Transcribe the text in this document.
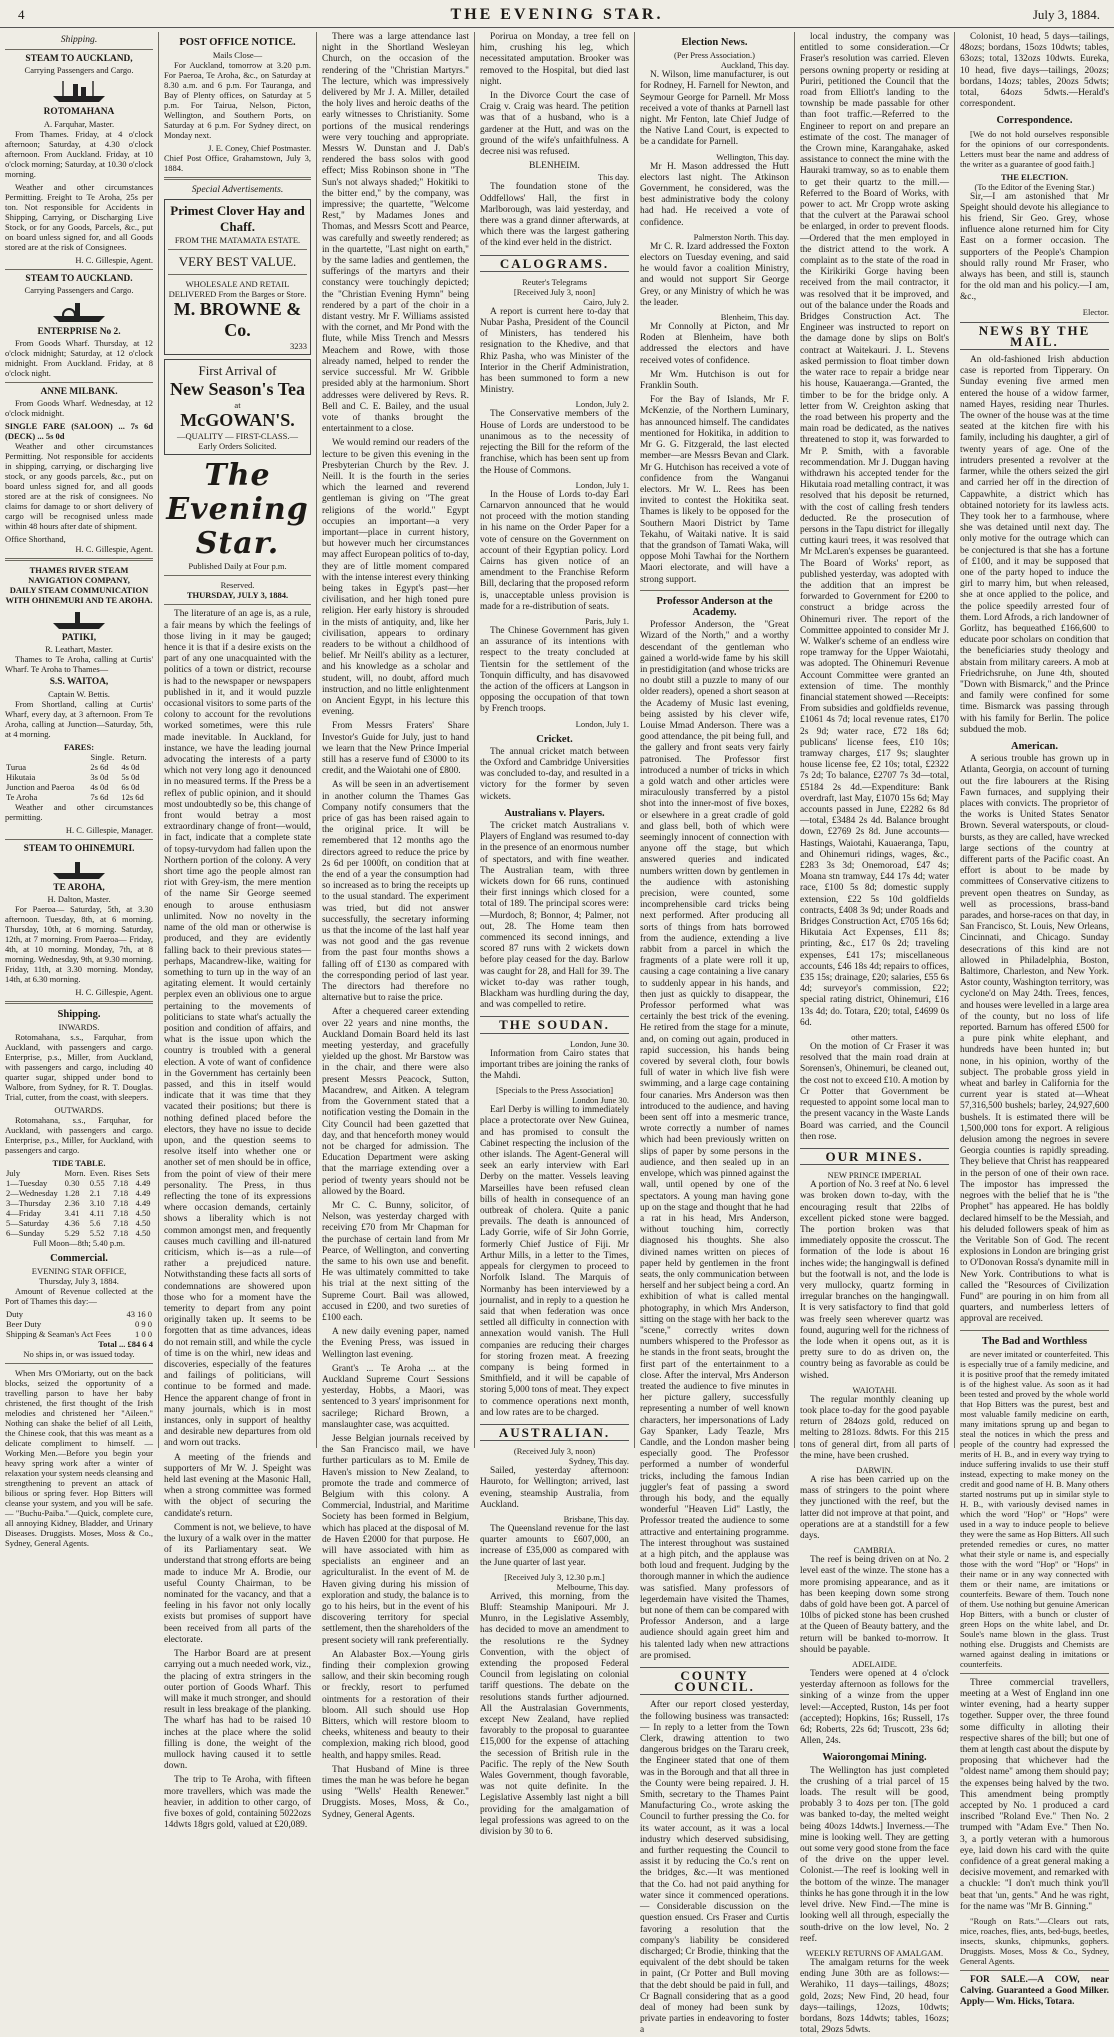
4	THE EVENING STAR.	July 3, 1884.
Shipping.
STEAM TO AUCKLAND,
Carrying Passengers and Cargo.
ROTOMAHANA
A. Farquhar, Master.

From Thames. Friday, at 4 o'clock afternoon; Saturday, at 4.30 o'clock afternoon. From Auckland. Friday, at 10 o'clock morning; Saturday, at 10.30 o'clock morning.

Weather and other circumstances Permitting. Freight to Te Aroha, 25s per ton. Not responsible for Accidents in Shipping, Carrying, or Discharging Live Stock, or for any Goods, Parcels, &c., put on board unless signed for, and all Goods stored are at the risk of Consignees.

H. C. Gillespie, Agent.
STEAM TO AUCKLAND.
Carrying Passengers and Cargo.
ENTERPRISE No 2.

From Goods Wharf. Thursday, at 12 o'clock midnight; Saturday, at 12 o'clock midnight. From Auckland. Friday, at 8 o'clock night.

ANNE MILBANK.

From Goods Wharf. Wednesday, at 12 o'clock midnight.

SINGLE FARE (SALOON) ... 7s 6d (DECK) ... 5s 0d

Weather and other circumstances Permitting. Not responsible for accidents in shipping, carrying, or discharging live stock, or any goods parcels, &c., put on board unless signed for, and all goods stored are at the risk of consignees. No claims for damage to or short delivery of cargo will be recognised unless made within 48 hours after date of shipment.

Office Shorthand,
H. C. Gillespie, Agent.
THAMES RIVER STEAM NAVIGATION COMPANY,
DAILY STEAM COMMUNICATION WITH OHINEMURI AND TE AROHA.
PATIKI,
R. Leathart, Master.

Thames to Te Aroha, calling at Curtis' Wharf. Te Aroha to Thames—

S.S. WAITOA,
Captain W. Bettis.

From Shortland, calling at Curtis' Wharf, every day, at 3 afternoon. From Te Aroha, calling at Junction—Saturday, 5th, at 4 morning.

FARES:
	Single.	Return.
Turua	2s 6d	4s 0d
Hikutaia	3s 0d	5s 0d
Junction and Paeroa	4s 0d	6s 0d
Te Aroha	7s 6d	12s 6d

Weather and other circumstances permitting.

H. C. Gillespie, Manager.
STEAM TO OHINEMURI.
TE AROHA,
H. Dalton, Master.

For Paeroa— Saturday, 5th, at 3.30 afternoon. Tuesday, 8th, at 6 morning. Thursday, 10th, at 6 morning. Saturday, 12th, at 7 morning. From Paeroa— Friday, 4th, at 10 morning. Monday, 7th, at 8 morning. Wednesday, 9th, at 9.30 morning. Friday, 11th, at 3.30 morning. Monday, 14th, at 6.30 morning.

H. C. Gillespie, Agent.
Shipping.
INWARDS.

Rotomahana, s.s., Farquhar, from Auckland, with passengers and cargo. Enterprise, p.s., Miller, from Auckland, with passengers and cargo, including 40 quarter sugar, shipped under bond to Walbore, from Sydney, for R. T. Douglas. Trial, cutter, from the coast, with sleepers.

OUTWARDS.

Rotomahana, s.s., Farquhar, for Auckland, with passengers and cargo. Enterprise, p.s., Miller, for Auckland, with passengers and cargo.

TIDE TABLE.
July	Morn.	Even.	Rises	Sets
1—Tuesday	0.30	0.55	7.18	4.49
2—Wednesday	1.28	2.1	7.18	4.49
3—Thursday	2.36	3.10	7.18	4.49
4—Friday	3.41	4.11	7.18	4.50
5—Saturday	4.36	5.6	7.18	4.50
6—Sunday	5.29	5.52	7.18	4.50
Full Moon—8th; 5.40 p.m.
Commercial.
EVENING STAR OFFICE,
Thursday, July 3, 1884.

Amount of Revenue collected at the Port of Thames this day:—

Duty	43 16 0
Beer Duty	0 9 0
Shipping & Seaman's Act Fees	1 0 0
Total ... £84 6 4
No ships in, or was issued today.

When Mrs O'Moriarty, out on the back blocks, seized the opportunity of a travelling parson to have her baby christened, the first thought of the Irish melodies and christened her "Aileen." Nothing can shake the belief of all Leith, the Chinese cook, that this was meant as a delicate compliment to himself. — Working Men.—Before you begin your heavy spring work after a winter of relaxation your system needs cleansing and strengthening to prevent an attack of bilious or spring fever. Hop Bitters will cleanse your system, and you will be safe. — "Buchu-Paiba."—Quick, complete cure, all annoying Kidney, Bladder, and Urinary Diseases. Druggists. Moses, Moss & Co., Sydney, General Agents.

POST OFFICE NOTICE.
Mails Close—

For Auckland, tomorrow at 3.20 p.m. For Paeroa, Te Aroha, &c., on Saturday at 8.30 a.m. and 6 p.m. For Tauranga, and Bay of Plenty offices, on Saturday at 5 p.m. For Tairua, Nelson, Picton, Wellington, and Southern Ports, on Saturday at 6 p.m. For Sydney direct, on Monday next.

J. E. Coney, Chief Postmaster.
Chief Post Office, Grahamstown, July 3, 1884.
Special Advertisements.
Primest Clover Hay and Chaff.
FROM THE MATAMATA ESTATE.
VERY BEST VALUE.
WHOLESALE AND RETAIL DELIVERED From the Barges or Store.
M. BROWNE & Co.
3233
First Arrival of
New Season's Tea
at
McGOWAN'S.
—QUALITY — FIRST-CLASS.—
Early Orders Solicited.
The Evening Star.
Published Daily at Four p.m.
Reserved.
THURSDAY, JULY 3, 1884.

The literature of an age is, as a rule, a fair means by which the feelings of those living in it may be gauged; hence it is that if a desire exists on the part of any one unacquainted with the politics of a town or district, recourse is had to the newspaper or newspapers published in it, and it would puzzle occasional visitors to some parts of the colony to account for the revolutions worked sometimes, were this rule made inevitable. In Auckland, for instance, we have the leading journal advocating the interests of a party which not very long ago it denounced in no measured terms. If the Press be a reflex of public opinion, and it should most undoubtedly so be, this change of front would betray a most extraordinary change of front—would, in fact, indicate that a complete state of topsy-turvydom had fallen upon the Northern portion of the colony. A very short time ago the people almost ran riot with Grey-ism, the mere mention of the name Sir George seemed enough to arouse enthusiasm unlimited. Now no novelty in the name of the old man or otherwise is produced, and they are evidently falling back to their previous states—perhaps, Macandrew-like, waiting for something to turn up in the way of an agitating element. It would certainly perplex even an oblivious one to argue pertaining to the movements of politicians to state what's actually the position and condition of affairs, and what is the issue upon which the country is troubled with a general election. A vote of want of confidence in the Government has certainly been passed, and this in itself would indicate that it was time that they vacated their positions; but there is nothing defined placed before the electors, they have no issue to decide upon, and the question seems to resolve itself into whether one or another set of men should be in office, from the point of view of their mere personality. The Press, in thus reflecting the tone of its expressions where occasion demands, certainly shows a liberality which is not common amongst men, and frequently causes much cavilling and ill-natured criticism, which is—as a rule—of rather a prejudiced nature. Notwithstanding these facts all sorts of condemnations are showered upon those who for a moment have the temerity to depart from any point originally taken up. It seems to be forgotten that as time advances, ideas do not remain still, and while the cycle of time is on the whirl, new ideas and discoveries, especially of the features and failings of politicians, will continue to be formed and made. Hence the apparent change of front in many journals, which is in most instances, only in support of healthy and desirable new departures from old and worn out tracks.

A meeting of the friends and supporters of Mr W. J. Speight was held last evening at the Masonic Hall, when a strong committee was formed with the object of securing the candidate's return.

Comment is not, we believe, to have the luxury of a walk over in the matter of its Parliamentary seat. We understand that strong efforts are being made to induce Mr A. Brodie, our useful County Chairman, to be nominated for the vacancy, and that a feeling in his favor not only locally exists but promises of support have been received from all parts of the electorate.

The Harbor Board are at present carrying out a much needed work, viz., the placing of extra stringers in the outer portion of Goods Wharf. This will make it much stronger, and should result in less breakage of the planking. The wharf has had to be raised 10 inches at the place where the solid filling is done, the weight of the mullock having caused it to settle down.

The trip to Te Aroha, with fifteen more travellers, which was made the heavier, in addition to other cargo, of five boxes of gold, containing 5022ozs 14dwts 18grs gold, valued at £20,089.

There was a large attendance last night in the Shortland Wesleyan Church, on the occasion of the rendering of the "Christian Martyrs." The lecture, which was impressively delivered by Mr J. A. Miller, detailed the holy lives and heroic deaths of the early witnesses to Christianity. Some portions of the musical renderings were very touching and appropriate. Messrs W. Dunstan and J. Dab's rendered the bass solos with good effect; Miss Robinson shone in "The Sun's not always shaded;" Hokitiki to the bitter end," by the company, was impressive; the quartette, "Welcome Rest," by Madames Jones and Thomas, and Messrs Scott and Pearce, was carefully and sweetly rendered; as in the quartette, "Last night on earth," by the same ladies and gentlemen, the sufferings of the martyrs and their constancy were touchingly depicted; the "Christian Evening Hymn" being rendered by a part of the choir in a distant vestry. Mr F. Williams assisted with the cornet, and Mr Pond with the flute, while Miss Trench and Messrs Meachem and Rowe, with those already named, helped to render the service successful. Mr W. Gribble presided ably at the harmonium. Short addresses were delivered by Revs. R. Bell and C. E. Bailey, and the usual vote of thanks brought the entertainment to a close.

We would remind our readers of the lecture to be given this evening in the Presbyterian Church by the Rev. J. Neill. It is the fourth in the series which the learned and reverend gentleman is giving on "The great religions of the world." Egypt occupies an important—a very important—place in current history, but however much her circumstances may affect European politics of to-day, they are of little moment compared with the intense interest every thinking being takes in Egypt's past—her civilisation, and her high toned pure religion. Her early history is shrouded in the mists of antiquity, and, like her civilisation, appears to ordinary readers to be without a childhood of belief. Mr Neill's ability as a lecturer, and his knowledge as a scholar and student, will, no doubt, afford much instruction, and no little enlightenment on Ancient Egypt, in his lecture this evening.

From Messrs Fraters' Share Investor's Guide for July, just to hand we learn that the New Prince Imperial still has a reserve fund of £3000 to its credit, and the Waiotahi one of £800.

As will be seen in an advertisement in another column the Thames Gas Company notify consumers that the price of gas has been raised again to the original price. It will be remembered that 12 months ago the directors agreed to reduce the price by 2s 6d per 1000ft, on condition that at the end of a year the consumption had so increased as to bring the receipts up to the usual standard. The experiment was tried, but did not answer successfully, the secretary informing us that the income of the last half year was not good and the gas revenue from the past four months shows a falling off of £130 as compared with the corresponding period of last year. The directors had therefore no alternative but to raise the price.

After a chequered career extending over 22 years and nine months, the Auckland Domain Board held its last meeting yesterday, and gracefully yielded up the ghost. Mr Barstow was in the chair, and there were also present Messrs Peacock, Sutton, Macandrew, and Aitken. A telegram from the Government stated that a notification vesting the Domain in the City Council had been gazetted that day, and that henceforth money would not be charged for admission. The Education Department were asking that the marriage extending over a period of twenty years should not be allowed by the Board.

Mr C. C. Bunny, solicitor, of Nelson, was yesterday charged with receiving £70 from Mr Chapman for the purchase of certain land from Mr Pearce, of Wellington, and converting the same to his own use and benefit. He was ultimately committed to take his trial at the next sitting of the Supreme Court. Bail was allowed, accused in £200, and two sureties of £100 each.

A new daily evening paper, named the Evening Press, was issued in Wellington last evening.

Grant's ... Te Aroha ... at the Auckland Supreme Court Sessions yesterday, Hobbs, a Maori, was sentenced to 3 years' imprisonment for sacrilege; Richard Brown, a manslaughter case, was acquitted.

Jesse Belgian journals received by the San Francisco mail, we have further particulars as to M. Emile de Haven's mission to New Zealand, to promote the trade and commerce of Belgium with this colony. A Commercial, Industrial, and Maritime Society has been formed in Belgium, which has placed at the disposal of M. de Haven £2000 for that purpose. He will have associated with him as specialists an engineer and an agriculturalist. In the event of M. de Haven giving during his mission of exploration and study, the balance is to go to his heirs, but in the event of his discovering territory for special settlement, then the shareholders of the present society will rank preferentially.

An Alabaster Box.—Young girls finding their complexion growing sallow, and their skin becoming rough or freckly, resort to perfumed ointments for a restoration of their bloom. All such should use Hop Bitters, which will restore bloom to cheeks, whiteness and beauty to their complexion, making rich blood, good health, and happy smiles. Read.

That Husband of Mine is three times the man he was before he began using "Wells' Health Renewer." Druggists. Moses, Moss, & Co., Sydney, General Agents.

Porirua on Monday, a tree fell on him, crushing his leg, which necessitated amputation. Brooker was removed to the Hospital, but died last night.

In the Divorce Court the case of Craig v. Craig was heard. The petition was that of a husband, who is a gardener at the Hutt, and was on the ground of the wife's unfaithfulness. A decree nisi was refused.

BLENHEIM.
This day.

The foundation stone of the Oddfellows' Hall, the first in Marlborough, was laid yesterday, and there was a grand dinner afterwards, at which there was the largest gathering of the kind ever held in the district.

CALOGRAMS.
Reuter's Telegrams
[Received July 3, noon]
Cairo, July 2.

A report is current here to-day that Nubar Pasha, President of the Council of Ministers, has tendered his resignation to the Khedive, and that Rhiz Pasha, who was Minister of the Interior in the Cherif Administration, has been summoned to form a new Ministry.

London, July 2.

The Conservative members of the House of Lords are understood to be unanimous as to the necessity of rejecting the Bill for the reform of the franchise, which has been sent up from the House of Commons.

London, July 1.

In the House of Lords to-day Earl Carnarvon announced that he would not proceed with the motion standing in his name on the Order Paper for a vote of censure on the Government on account of their Egyptian policy. Lord Cairns has given notice of an amendment to the Franchise Reform Bill, declaring that the proposed reform is, unacceptable unless provision is made for a re-distribution of seats.

Paris, July 1.

The Chinese Government has given an assurance of its intentions with respect to the treaty concluded at Tientsin for the settlement of the Tonquin difficulty, and has disavowed the action of the officers at Langson in opposing the occupation of that town by French troops.

London, July 1.
Cricket.

The annual cricket match between the Oxford and Cambridge Universities was concluded to-day, and resulted in a victory for the former by seven wickets.

Australians v. Players.

The cricket match Australians v. Players of England was resumed to-day in the presence of an enormous number of spectators, and with fine weather. The Australian team, with three wickets down for 66 runs, continued their first innings which closed for a total of 189. The principal scores were:—Murdoch, 8; Bonnor, 4; Palmer, not out, 28. The Home team then commenced its second innings, and scored 87 runs with 2 wickets down before play ceased for the day. Barlow was caught for 28, and Hall for 39. The wicket to-day was rather tough, Blackham was hurdling during the day, and was compelled to retire.

THE SOUDAN.
London, June 30.

Information from Cairo states that important tribes are joining the ranks of the Mahdi.

[Specials to the Press Association]
London June 30.

Earl Derby is willing to immediately place a protectorate over New Guinea, and has promised to consult the Cabinet respecting the inclusion of the other islands. The Agent-General will seek an early interview with Earl Derby on the matter. Vessels leaving Marseilles have been refused clean bills of health in consequence of an outbreak of cholera. Quite a panic prevails. The death is announced of Lady Gorrie, wife of Sir John Gorrie, formerly Chief Justice of Fiji. Mr Arthur Mills, in a letter to the Times, appeals for clergymen to proceed to Norfolk Island. The Marquis of Normanby has been interviewed by a journalist, and in reply to a question he said that when federation was once settled all difficulty in connection with annexation would vanish. The Hull companies are reducing their charges for storing frozen meat. A freezing company is being formed in Smithfield, and it will be capable of storing 5,000 tons of meat. They expect to commence operations next month, and low rates are to be charged.

AUSTRALIAN.
(Received July 3, noon)
Sydney, This day.

Sailed, yesterday afternoon: Hauroto, for Wellington; arrived, last evening, steamship Australia, from Auckland.

Brisbane, This day.

The Queensland revenue for the last quarter amounts to £607,000, an increase of £35,000 as compared with the June quarter of last year.

[Received July 3, 12.30 p.m.]
Melbourne, This day.

Arrived, this morning, from the Bluff: Steamship Manipouri. Mr J. Munro, in the Legislative Assembly, has decided to move an amendment to the resolutions re the Sydney Convention, with the object of extending the proposed Federal Council from legislating on colonial tariff questions. The debate on the resolutions stands further adjourned. All the Australasian Governments, except New Zealand, have replied favorably to the proposal to guarantee £15,000 for the expense of attaching the secession of British rule in the Pacific. The reply of the New South Wales Government, though favorable, was not quite definite. In the Legislative Assembly last night a bill providing for the amalgamation of legal professions was agreed to on the division by 30 to 6.

Election News.
(Per Press Association.)
Auckland, This day.

N. Wilson, lime manufacturer, is out for Rodney, H. Farnell for Newton, and Seymour George for Parnell. Mr Moss received a vote of thanks at Parnell last night. Mr Fenton, late Chief Judge of the Native Land Court, is expected to be a candidate for Parnell.

Wellington, This day.

Mr H. Mason addressed the Hutt electors last night. The Atkinson Government, he considered, was the best administrative body the colony had had. He received a vote of confidence.

Palmerston North. This day.

Mr C. R. Izard addressed the Foxton electors on Tuesday evening, and said he would favor a coalition Ministry, and would not support Sir George Grey, or any Ministry of which he was the leader.

Blenheim, This day.

Mr Connolly at Picton, and Mr Roden at Blenheim, have both addressed the electors and have received votes of confidence.

Mr Wm. Hutchison is out for Franklin South.

For the Bay of Islands, Mr F. McKenzie, of the Northern Luminary, has announced himself. The candidates mentioned for Hokitika, in addition to Mr G. G. Fitzgerald, the last elected member—are Messrs Bevan and Clark. Mr G. Hutchison has received a vote of confidence from the Wanganui electors. Mr W. L. Rees has been invited to contest the Hokitika seat. Thames is likely to be opposed for the Southern Maori District by Tame Tekahu, of Waitaki native. It is said that the grandson of Tamati Waka, will oppose Mohi Tawhai for the Northern Maori electorate, and will have a strong support.

Professor Anderson at the Academy.

Professor Anderson, the "Great Wizard of the North," and a worthy descendant of the gentleman who gained a world-wide fame by his skill in prestidigitation (and whose tricks are no doubt still a puzzle to many of our older readers), opened a short season at the Academy of Music last evening, being assisted by his clever wife, Louise Mmad Anderson. There was a good attendance, the pit being full, and the gallery and front seats very fairly patronised. The Professor first introduced a number of tricks in which a gold watch and other articles were miraculously transferred by a pistol shot into the inner-most of five boxes, or elsewhere in a great cradle of gold and glass bell, both of which were seemingly innocent of connection with anyone off the stage, but which answered queries and indicated numbers written down by gentlemen in the audience with astonishing precision, were counted, some incomprehensible card tricks being next performed. After producing all sorts of things from hats borrowed from the audience, extending a live rabbit from a parcel in which the fragments of a plate were roll it up, causing a cage containing a live canary to suddenly appear in his hands, and then just as quickly to disappear, the Professor performed what was certainly the best trick of the evening. He retired from the stage for a minute, and, on coming out again, produced in rapid succession, his hands being covered by several cloth, four bowls full of water in which live fish were swimming, and a large cage containing four canaries. Mrs Anderson was then introduced to the audience, and having been sent off into a mesmeric trance, wrote correctly a number of names which had been previously written on slips of paper by some persons in the audience, and then sealed up in an envelope, which was pinned against the wall, until opened by one of the spectators. A young man having gone up on the stage and thought that he had a rat in his head, Mrs Anderson, without touching him, correctly diagnosed his thoughts. She also divined names written on pieces of paper held by gentlemen in the front seats, the only communication between herself and her subject being a cord. An exhibition of what is called mental photography, in which Mrs Anderson, sitting on the stage with her back to the "scene," correctly writes down numbers whispered to the Professor as he stands in the front seats, brought the first part of the entertainment to a close. After the interval, Mrs Anderson treated the audience to five minutes in her picture gallery, successfully representing a number of well known characters, her impersonations of Lady Gay Spanker, Lady Teazle, Mrs Candle, and the London masher being especially good. The Professor performed a number of wonderful tricks, including the famous Indian juggler's feat of passing a sword through his body, and the equally wonderful "Heaven Lid" Lastly, the Professor treated the audience to some attractive and entertaining programme. The interest throughout was sustained at a high pitch, and the applause was both loud and frequent. Judging by the thorough manner in which the audience was satisfied. Many professors of legerdemain have visited the Thames, but none of them can be compared with Professor Anderson, and a large audience should again greet him and his talented lady when new attractions are promised.

COUNTY COUNCIL.

After our report closed yesterday, the following business was transacted:— In reply to a letter from the Town Clerk, drawing attention to two dangerous bridges on the Tararu creek, the Engineer stated that one of them was in the Borough and that all three in the County were being repaired. J. H. Smith, secretary to the Thames Paint Manufacturing Co., wrote asking the Council to further pressing the Co. for its water account, as it was a local industry which deserved subsidising, and further requesting the Council to assist it by reducing the Co.'s rent on the bridges, &c.—It was mentioned that the Co. had not paid anything for water since it commenced operations.— Considerable discussion on the question ensued. Crs Fraser and Curtis favoring a resolution that the company's liability be considered discharged; Cr Brodie, thinking that the equivalent of the debt should be taken in paint, (Cr Potter and Bull moving that the debt should be paid in full, and Cr Bagnall considering that as a good deal of money had been sunk by private parties in endeavoring to foster a

local industry, the company was entitled to some consideration.—Cr Fraser's resolution was carried. Eleven persons owning property or residing at Puriri, petitioned the Council that the road from Elliott's landing to the township be made passable for other than foot traffic.—Referred to the Engineer to report on and prepare an estimate of the cost. The manager of the Crown mine, Karangahake, asked assistance to connect the mine with the Hauraki tramway, so as to enable them to get their quartz to the mill.—Referred to the Board of Works, with power to act. Mr Cropp wrote asking that the culvert at the Parawai school be enlarged, in order to prevent floods.—Ordered that the men employed in the district attend to the work. A complaint as to the state of the road in the Kirikiriki Gorge having been received from the mail contractor, it was resolved that it be improved, and out of the balance under the Roads and Bridges Construction Act. The Engineer was instructed to report on the damage done by slips on Bolt's contract at Waitekauri. J. L. Stevens asked permission to float timber down the water race to repair a bridge near his house, Kauaeranga.—Granted, the timber to be for the bridge only. A letter from W. Creighton asking that the road between his property and the main road be dedicated, as the natives threatened to stop it, was forwarded to Mr P. Smith, with a favorable recommendation. Mr J. Duggan having withdrawn his accepted tender for the Hikutaia road metalling contract, it was resolved that his deposit be returned, with the cost of calling fresh tenders deducted. Re the prosecution of persons in the Tapu district for illegally cutting kauri trees, it was resolved that Mr McLaren's expenses be guaranteed. The Board of Works' report, as published yesterday, was adopted with the addition that an imprest be forwarded to Government for £200 to construct a bridge across the Ohinemuri river. The report of the Committee appointed to consider Mr J. W. Walker's scheme of an endless wire rope tramway for the Upper Waiotahi, was adopted. The Ohinemuri Revenue Account Committee were granted an extension of time. The monthly financial statement showed —Receipts: From subsidies and goldfields revenue, £1061 4s 7d; local revenue rates, £170 2s 9d; water race, £72 18s 6d; publicans' license fees, £10 10s; tramway charges, £17 9s; slaughter house license fee, £2 10s; total, £2322 7s 2d; To balance, £2707 7s 3d—total, £5184 2s 4d.—Expenditure: Bank overdraft, last May, £1070 15s 6d; May accounts passed in June, £2282 6s 8d—total, £3484 2s 4d. Balance brought down, £2769 2s 8d. June accounts—Hastings, Waiotahi, Kauaeranga, Tapu, and Ohinemuri ridings, wages, &c., £283 3s 3d; Onemoroad, £47 4s; Moana stn tramway, £44 17s 4d; water race, £100 5s 8d; domestic supply extension, £22 5s 10d goldfields contracts, £408 3s 9d; under Roads and Bridges Construction Act, £705 16s 6d; Hikutaia Act Expenses, £11 8s; printing, &c., £17 0s 2d; traveling expenses, £41 17s; miscellaneous accounts, £46 18s 4d; repairs to offices, £35 15s; drainage, £20; salaries, £55 6s 4d; surveyor's commission, £22; special rating district, Ohinemuri, £16 13s 4d; do. Totara, £20; total, £4699 0s 6d.

other matters.

On the motion of Cr Fraser it was resolved that the main road drain at Sorensen's, Ohinemuri, be cleaned out, the cost not to exceed £10. A motion by Cr Potter that Government be requested to appoint some local man to the present vacancy in the Waste Lands Board was carried, and the Council then rose.

OUR MINES.
NEW PRINCE IMPERIAL

A portion of No. 3 reef at No. 6 level was broken down to-day, with the encouraging result that 22lbs of excellent picked stone were bagged. The portion broken was that immediately opposite the crosscut. The formation of the lode is about 16 inches wide; the hangingwall is defined but the footwall is not, and the lode is very mullocky, quartz forming in irregular branches on the hangingwall. It is very satisfactory to find that gold was freely seen wherever quartz was found, auguring well for the richness of the lode when it opens out, as it is pretty sure to do as driven on, the country being as favorable as could be wished.

WAIOTAHI.

The regular monthly cleaning up took place to-day for the good payable return of 284ozs gold, reduced on melting to 281ozs. 8dwts. For this 215 tons of general dirt, from all parts of the mine, have been crushed.

DARWIN.

A rise has been carried up on the mass of stringers to the point where they junctioned with the reef, but the latter did not improve at that point, and operations are at a standstill for a few days.

CAMBRIA.

The reef is being driven on at No. 2 level east of the winze. The stone has a more promising appearance, and as it has been keeping down some strong dabs of gold have been got. A parcel of 10lbs of picked stone has been crushed at the Queen of Beauty battery, and the return will be banked to-morrow. It should be payable.

ADELAIDE.

Tenders were opened at 4 o'clock yesterday afternoon as follows for the sinking of a winze from the upper level:—Accepted, Ruston, 14s per foot (accepted); Hopkins, 16s; Russell, 17s 6d; Roberts, 22s 6d; Truscott, 23s 6d; Allen, 24s.

Waiorongomai Mining.

The Wellington has just completed the crushing of a trial parcel of 15 loads. The result will be good, probably 3 to 4ozs per ton. [The gold was banked to-day, the melted weight being 40ozs 14dwts.] Inverness.—The mine is looking well. They are getting out some very good stone from the face of the drive on the upper level. Colonist.—The reef is looking well in the bottom of the winze. The manager thinks he has gone through it in the low level drive. New Find.—The mine is looking well all through, especially the south-drive on the low level, No. 2 reef.

WEEKLY RETURNS OF AMALGAM.

The amalgam returns for the week ending June 30th are as follows:—Werahiko, 11 days—tailings, 48ozs; gold, 2ozs; New Find, 20 head, four days—tailings, 12ozs, 10dwts; bordans, 8ozs 14dwts; tables, 16ozs; total, 29ozs 5dwts.

Colonist, 10 head, 5 days—tailings, 48ozs; bordans, 15ozs 10dwts; tables, 63ozs; total, 132ozs 10dwts. Eureka, 10 head, five days—tailings, 20ozs; bordans, 14ozs; tables, 20ozs 5dwts; total, 64ozs 5dwts.—Herald's correspondent.

Correspondence.

[We do not hold ourselves responsible for the opinions of our correspondents. Letters must bear the name and address of the writer as a guarantee of good faith.]

THE ELECTION.
(To the Editor of the Evening Star.)

Sir,—I am astonished that Mr Speight should devote his allegiance to his friend, Sir Geo. Grey, whose influence alone returned him for City East on a former occasion. The supporters of the People's Champion should rally round Mr Fraser, who always has been, and still is, staunch for the old man and his policy.—I am, &c.,

Elector.
NEWS BY THE MAIL.

An old-fashioned Irish abduction case is reported from Tipperary. On Sunday evening five armed men entered the house of a widow farmer, named Hayes, residing near Thurles. The owner of the house was at the time seated at the kitchen fire with his family, including his daughter, a girl of twenty years of age. One of the intruders presented a revolver at the farmer, while the others seized the girl and carried her off in the direction of Cappawhite, a district which has obtained notoriety for its lawless acts. They took her to a farmhouse, where she was detained until next day. The only motive for the outrage which can be conjectured is that she has a fortune of £100, and it may be supposed that one of the party hoped to induce the girl to marry him, but when released, she at once applied to the police, and the police speedily arrested four of them. Lord Afrods, a rich landowner of Gorlitz, has bequeathed £166,600 to educate poor scholars on condition that the beneficiaries study theology and abstain from military careers. A mob at Friedrichsruhe, on June 4th, shouted "Down with Bismarck," and the Prince and family were confined for some time. Bismarck was passing through with his family for Berlin. The police subdued the mob.

American.

A serious trouble has grown up in Atlanta, Georgia, on account of turning out the fire labourers at the Rising Fawn furnaces, and supplying their places with convicts. The proprietor of the works is United States Senator Brown. Several waterspouts, or cloud-bursts, as they are called, have wrecked large sections of the country at different parts of the Pacific coast. An effort is about to be made by committees of Conservative citizens to prevent open theatres on Sunday, as well as processions, brass-band parades, and horse-races on that day, in San Francisco, St. Louis, New Orleans, Cincinnati, and Chicago. Sunday desecrations of this kind are not allowed in Philadelphia, Boston, Baltimore, Charleston, and New York. Astor county, Washington territory, was cyclone'd on May 24th. Trees, fences, and houses were levelled in a large area of the county, but no loss of life reported. Barnum has offered £500 for a pure pink white elephant, and hundreds have been hunted in; but none, in his opinion, worthy of the subject. The probable gross yield in wheat and barley in California for the current year is stated at—Wheat 57,316,500 bushels; barley, 24,927,600 bushels. It is estimated there will be 1,500,000 tons for export. A religious delusion among the negroes in severe Georgia counties is rapidly spreading. They believe that Christ has reappeared in the person of one of their own race. The impostor has impressed the negroes with the belief that he is "the Prophet" has appeared. He has boldly declared himself to be the Messiah, and his deluded followers speak of him as the Veritable Son of God. The recent explosions in London are bringing grist to O'Donovan Rossa's dynamite mill in New York. Contributions to what is called the "Resources of Civilization Fund" are pouring in on him from all quarters, and numberless letters of approval are received.

The Bad and Worthless

are never imitated or counterfeited. This is especially true of a family medicine, and it is positive proof that the remedy imitated is of the highest value. As soon as it had been tested and proved by the whole world that Hop Bitters was the purest, best and most valuable family medicine on earth, many imitations sprung up and began to steal the notices in which the press and people of the country had expressed the merits of H. B., and in every way trying to induce suffering invalids to use their stuff instead, expecting to make money on the credit and good name of H. B. Many others started nostrums put up in similar style to H. B., with variously devised names in which the word "Hop" or "Hops" were used in a way to induce people to believe they were the same as Hop Bitters. All such pretended remedies or cures, no matter what their style or name is, and especially those with the word "Hop" or "Hops" in their name or in any way connected with them or their name, are imitations or counterfeits. Beware of them. Touch none of them. Use nothing but genuine American Hop Bitters, with a bunch or cluster of green Hops on the white label, and Dr. Soule's name blown in the glass. Trust nothing else. Druggists and Chemists are warned against dealing in imitations or counterfeits.

Three commercial travellers, meeting at a West of England inn one winter evening, had a hearty supper together. Supper over, the three found some difficulty in alloting their respective shares of the bill; but one of them at length cast about the dispute by proposing that whichever had the "oldest name" among them should pay; the expenses being halved by the two. This amendment being promptly accepted by No. 1 produced a card inscribed "Roland Eve." Then No. 2 trumped with "Adam Eve." Then No. 3, a portly veteran with a humorous eye, laid down his card with the quite confidence of a great general making a decisive movement, and remarked with a chuckle: "I don't much think you'll beat that 'un, gents." And he was right, for the name was "Mr B. Ginning."

"Rough on Rats."—Clears out rats, mice, roaches, flies, ants, bed-bugs, beetles, insects, skunks, chipmunks, gophers. Druggists. Moses, Moss & Co., Sydney, General Agents.

FOR SALE.—A COW, near Calving. Guaranteed a Good Milker. Apply— Wm. Hicks, Totara.
